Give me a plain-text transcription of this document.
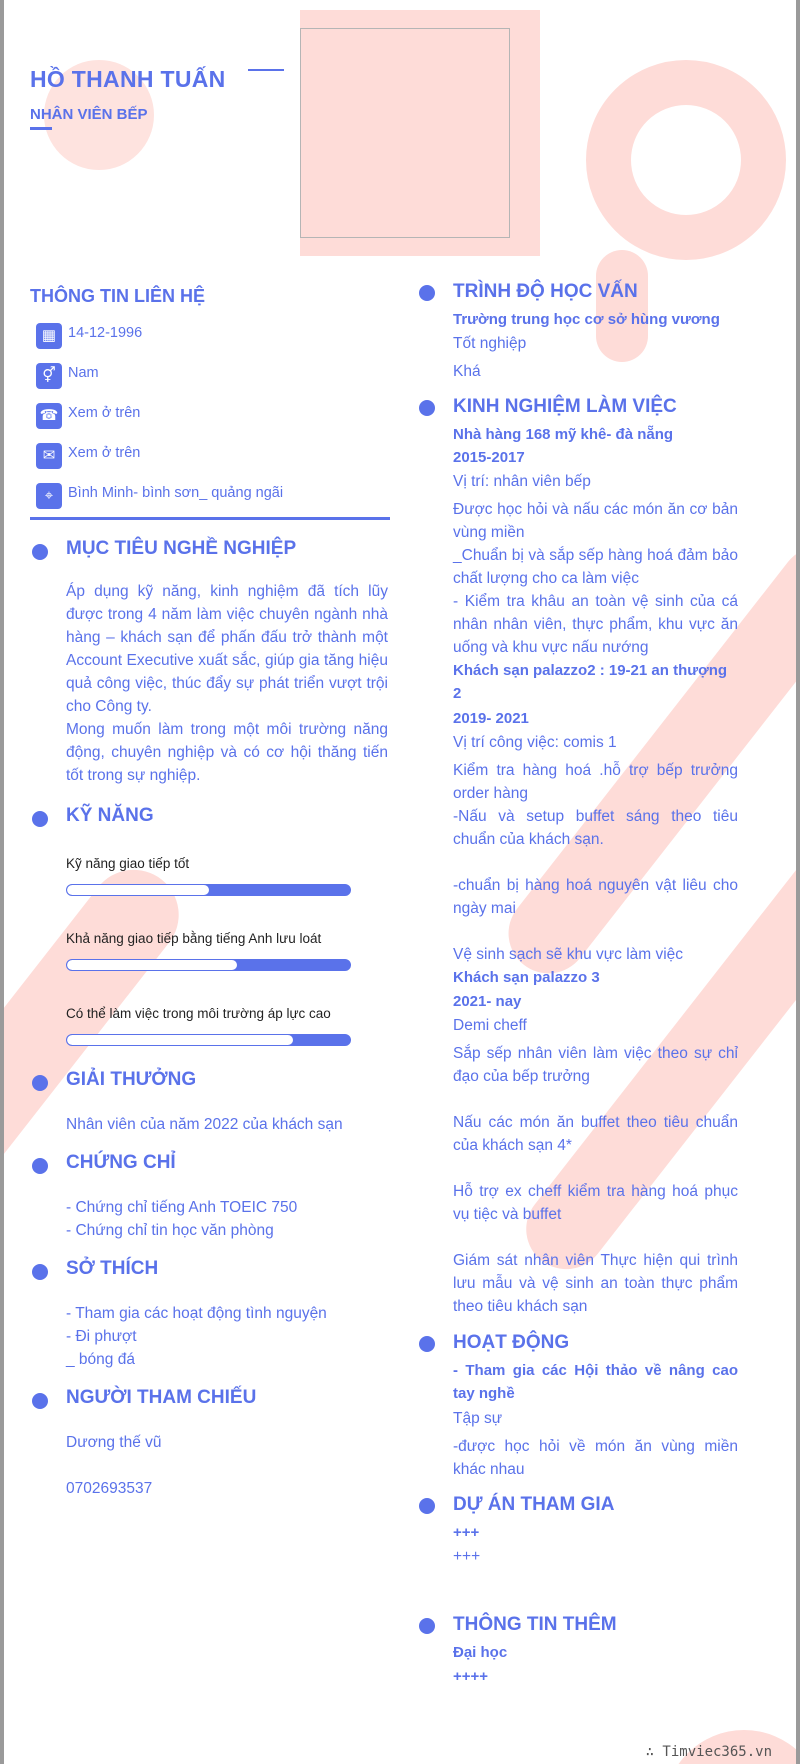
HỒ THANH TUẤN
NHÂN VIÊN BẾP
THÔNG TIN LIÊN HỆ
▦ 14-12-1996
⚥ Nam
☎ Xem ở trên
✉ Xem ở trên
⌖	Bình Minh- bình sơn_ quảng ngãi
MỤC TIÊU NGHỀ NGHIỆP
Áp dụng kỹ năng, kinh nghiệm đã tích lũy được trong 4 năm làm việc chuyên ngành nhà hàng – khách sạn để phấn đấu trở thành một Account Executive xuất sắc, giúp gia tăng hiệu quả công việc, thúc đẩy sự phát triển vượt trội cho Công ty.
Mong muốn làm trong một môi trường năng động, chuyên nghiệp và có cơ hội thăng tiến tốt trong sự nghiệp.
KỸ NĂNG
Kỹ năng giao tiếp tốt
Khả năng giao tiếp bằng tiếng Anh lưu loát
Có thể làm việc trong môi trường áp lực cao
GIẢI THƯỞNG
Nhân viên của năm 2022 của khách sạn
CHỨNG CHỈ
- Chứng chỉ tiếng Anh TOEIC 750
- Chứng chỉ tin học văn phòng
SỞ THÍCH
- Tham gia các hoạt động tình nguyện
- Đi phượt
_ bóng đá
NGƯỜI THAM CHIẾU
Dương thế vũ
0702693537
TRÌNH ĐỘ HỌC VẤN
Trường trung học cơ sở hùng vương
Tốt nghiệp
Khá
KINH NGHIỆM LÀM VIỆC
Nhà hàng 168 mỹ khê- đà nẵng
2015-2017
Vị trí: nhân viên bếp
Được học hỏi và nấu các món ăn cơ bản vùng miền
_Chuẩn bị và sắp sếp hàng hoá đảm bảo chất lượng cho ca làm việc
- Kiểm tra khâu an toàn vệ sinh của cá nhân nhân viên, thực phẩm, khu vực ăn uống và khu vực nấu nướng
Khách sạn palazzo2 : 19-21 an thượng 2
2019- 2021
Vị trí công việc: comis 1
Kiểm tra hàng hoá .hỗ trợ bếp trưởng order hàng
-Nấu và setup buffet sáng theo tiêu chuẩn của khách sạn.
-chuẩn bị hàng hoá nguyên vật liêu cho ngày mai
Vệ sinh sạch sẽ khu vực làm việc
Khách sạn palazzo 3
2021- nay
Demi cheff
Sắp sếp nhân viên làm việc theo sự chỉ đạo của bếp trưởng
Nấu các món ăn buffet theo tiêu chuẩn của khách sạn 4*
Hỗ trợ ex cheff kiểm tra hàng hoá phục vụ tiệc và buffet
Giám sát nhân viên Thực hiện qui trình lưu mẫu và vệ sinh an toàn thực phẩm theo tiêu khách sạn
HOẠT ĐỘNG
- Tham gia các Hội thảo về nâng cao tay nghề
Tập sự
-được học hỏi về món ăn vùng miền khác nhau
DỰ ÁN THAM GIA
+++
+++
THÔNG TIN THÊM
Đại học
++++
∴ Timviec365.vn
